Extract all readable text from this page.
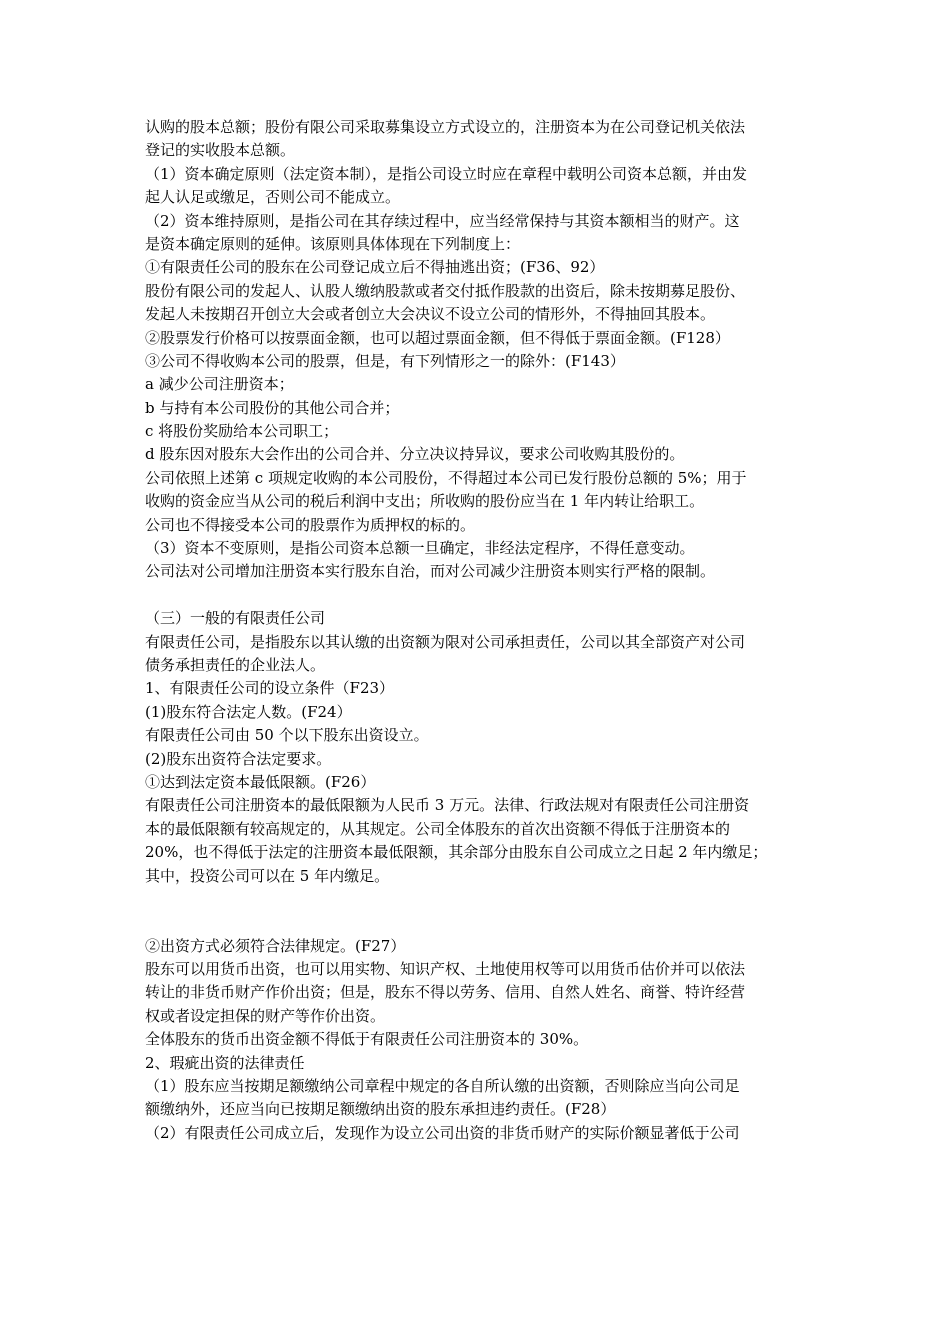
认购的股本总额；股份有限公司采取募集设立方式设立的，注册资本为在公司登记机关依法
登记的实收股本总额。
（1）资本确定原则（法定资本制），是指公司设立时应在章程中载明公司资本总额，并由发
起人认足或缴足，否则公司不能成立。
（2）资本维持原则，是指公司在其存续过程中，应当经常保持与其资本额相当的财产。这
是资本确定原则的延伸。该原则具体体现在下列制度上：
①有限责任公司的股东在公司登记成立后不得抽逃出资；(F36、92）
股份有限公司的发起人、认股人缴纳股款或者交付抵作股款的出资后，除未按期募足股份、
发起人未按期召开创立大会或者创立大会决议不设立公司的情形外，不得抽回其股本。
②股票发行价格可以按票面金额，也可以超过票面金额，但不得低于票面金额。(F128）
③公司不得收购本公司的股票，但是，有下列情形之一的除外：(F143）
a 减少公司注册资本；
b 与持有本公司股份的其他公司合并；
c 将股份奖励给本公司职工；
d 股东因对股东大会作出的公司合并、分立决议持异议，要求公司收购其股份的。
公司依照上述第 c 项规定收购的本公司股份，不得超过本公司已发行股份总额的 5%；用于
收购的资金应当从公司的税后利润中支出；所收购的股份应当在 1 年内转让给职工。
公司也不得接受本公司的股票作为质押权的标的。
（3）资本不变原则，是指公司资本总额一旦确定，非经法定程序，不得任意变动。
公司法对公司增加注册资本实行股东自治，而对公司减少注册资本则实行严格的限制。
（三）一般的有限责任公司
有限责任公司，是指股东以其认缴的出资额为限对公司承担责任，公司以其全部资产对公司
债务承担责任的企业法人。
1、有限责任公司的设立条件（F23）
(1)股东符合法定人数。(F24）
有限责任公司由 50 个以下股东出资设立。
(2)股东出资符合法定要求。
①达到法定资本最低限额。(F26）
有限责任公司注册资本的最低限额为人民币 3 万元。法律、行政法规对有限责任公司注册资
本的最低限额有较高规定的，从其规定。公司全体股东的首次出资额不得低于注册资本的
20%，也不得低于法定的注册资本最低限额，其余部分由股东自公司成立之日起 2 年内缴足；
其中，投资公司可以在 5 年内缴足。
②出资方式必须符合法律规定。(F27）
股东可以用货币出资，也可以用实物、知识产权、土地使用权等可以用货币估价并可以依法
转让的非货币财产作价出资；但是，股东不得以劳务、信用、自然人姓名、商誉、特许经营
权或者设定担保的财产等作价出资。
全体股东的货币出资金额不得低于有限责任公司注册资本的 30%。
2、瑕疵出资的法律责任
（1）股东应当按期足额缴纳公司章程中规定的各自所认缴的出资额，否则除应当向公司足
额缴纳外，还应当向已按期足额缴纳出资的股东承担违约责任。(F28）
（2）有限责任公司成立后，发现作为设立公司出资的非货币财产的实际价额显著低于公司
